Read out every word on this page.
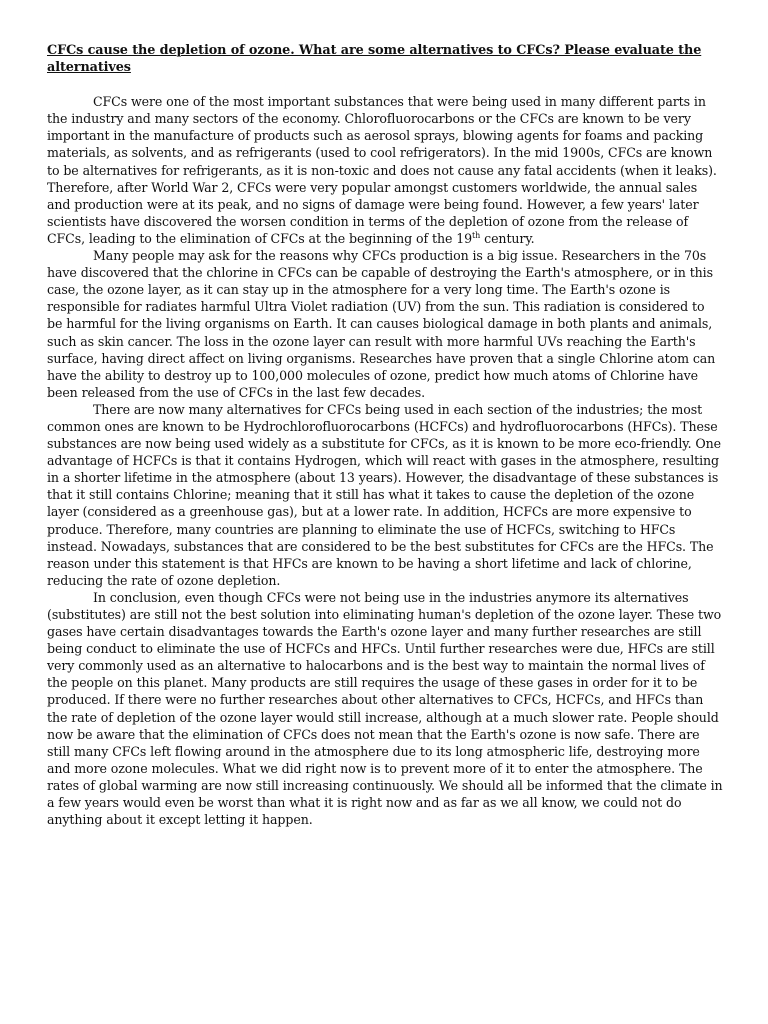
CFCs cause the depletion of ozone. What are some alternatives to CFCs? Please evaluate the alternatives

CFCs were one of the most important substances that were being used in many different parts in the industry and many sectors of the economy. Chlorofluorocarbons or the CFCs are known to be very important in the manufacture of products such as aerosol sprays, blowing agents for foams and packing materials, as solvents, and as refrigerants (used to cool refrigerators). In the mid 1900s, CFCs are known to be alternatives for refrigerants, as it is non-toxic and does not cause any fatal accidents (when it leaks). Therefore, after World War 2, CFCs were very popular amongst customers worldwide, the annual sales and production were at its peak, and no signs of damage were being found. However, a few years' later scientists have discovered the worsen condition in terms of the depletion of ozone from the release of CFCs, leading to the elimination of CFCs at the beginning of the 19th century.

Many people may ask for the reasons why CFCs production is a big issue. Researchers in the 70s have discovered that the chlorine in CFCs can be capable of destroying the Earth's atmosphere, or in this case, the ozone layer, as it can stay up in the atmosphere for a very long time. The Earth's ozone is responsible for radiates harmful Ultra Violet radiation (UV) from the sun. This radiation is considered to be harmful for the living organisms on Earth. It can causes biological damage in both plants and animals, such as skin cancer. The loss in the ozone layer can result with more harmful UVs reaching the Earth's surface, having direct affect on living organisms. Researches have proven that a single Chlorine atom can have the ability to destroy up to 100,000 molecules of ozone, predict how much atoms of Chlorine have been released from the use of CFCs in the last few decades.

There are now many alternatives for CFCs being used in each section of the industries; the most common ones are known to be Hydrochlorofluorocarbons (HCFCs) and hydrofluorocarbons (HFCs). These substances are now being used widely as a substitute for CFCs, as it is known to be more eco-friendly. One advantage of HCFCs is that it contains Hydrogen, which will react with gases in the atmosphere, resulting in a shorter lifetime in the atmosphere (about 13 years). However, the disadvantage of these substances is that it still contains Chlorine; meaning that it still has what it takes to cause the depletion of the ozone layer (considered as a greenhouse gas), but at a lower rate. In addition, HCFCs are more expensive to produce. Therefore, many countries are planning to eliminate the use of HCFCs, switching to HFCs instead. Nowadays, substances that are considered to be the best substitutes for CFCs are the HFCs. The reason under this statement is that HFCs are known to be having a short lifetime and lack of chlorine, reducing the rate of ozone depletion.

In conclusion, even though CFCs were not being use in the industries anymore its alternatives (substitutes) are still not the best solution into eliminating human's depletion of the ozone layer. These two gases have certain disadvantages towards the Earth's ozone layer and many further researches are still being conduct to eliminate the use of HCFCs and HFCs. Until further researches were due, HFCs are still very commonly used as an alternative to halocarbons and is the best way to maintain the normal lives of the people on this planet. Many products are still requires the usage of these gases in order for it to be produced. If there were no further researches about other alternatives to CFCs, HCFCs, and HFCs than the rate of depletion of the ozone layer would still increase, although at a much slower rate. People should now be aware that the elimination of CFCs does not mean that the Earth's ozone is now safe. There are still many CFCs left flowing around in the atmosphere due to its long atmospheric life, destroying more and more ozone molecules. What we did right now is to prevent more of it to enter the atmosphere. The rates of global warming are now still increasing continuously. We should all be informed that the climate in a few years would even be worst than what it is right now and as far as we all know, we could not do anything about it except letting it happen.
